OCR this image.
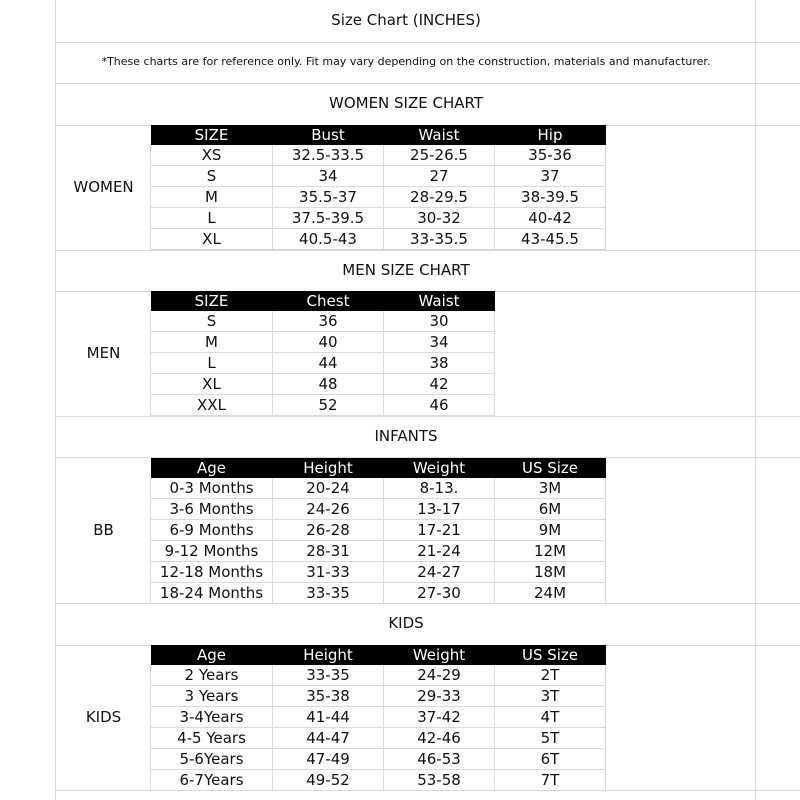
Size Chart (INCHES)
*These charts are for reference only. Fit may vary depending on the construction, materials and manufacturer.
WOMEN SIZE CHART
WOMEN
SIZE	Bust	Waist	Hip
XS	32.5-33.5	25-26.5	35-36
S	34	27	37
M	35.5-37	28-29.5	38-39.5
L	37.5-39.5	30-32	40-42
XL	40.5-43	33-35.5	43-45.5
MEN SIZE CHART
MEN
SIZE	Chest	Waist
S	36	30
M	40	34
L	44	38
XL	48	42
XXL	52	46
INFANTS
BB
Age	Height	Weight	US Size
0-3 Months	20-24	8-13.	3M
3-6 Months	24-26	13-17	6M
6-9 Months	26-28	17-21	9M
9-12 Months	28-31	21-24	12M
12-18 Months	31-33	24-27	18M
18-24 Months	33-35	27-30	24M
KIDS
KIDS
Age	Height	Weight	US Size
2 Years	33-35	24-29	2T
3 Years	35-38	29-33	3T
3-4Years	41-44	37-42	4T
4-5 Years	44-47	42-46	5T
5-6Years	47-49	46-53	6T
6-7Years	49-52	53-58	7T
